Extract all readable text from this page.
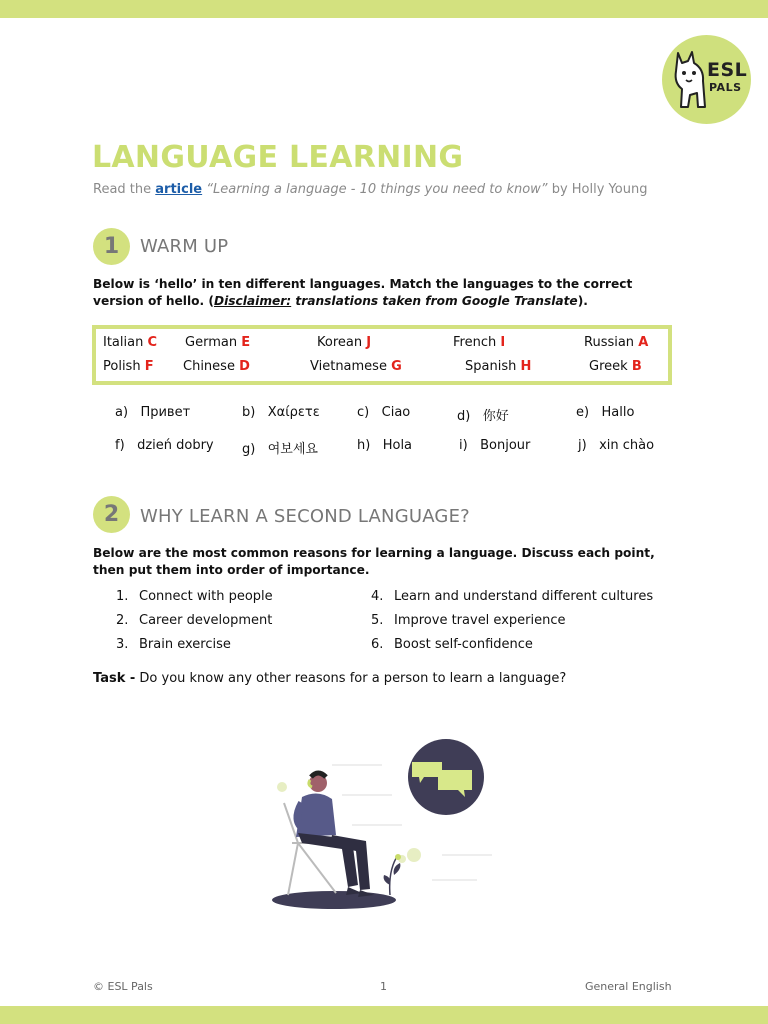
ESL
PALS
LANGUAGE LEARNING
Read the article “Learning a language - 10 things you need to know” by Holly Young
1	WARM UP
Below is ‘hello’ in ten different languages. Match the languages to the correct version of hello. (Disclaimer: translations taken from Google Translate).
Italian C German E	Korean J	French I	Russian A
Polish F Chinese D	Vietnamese G	Spanish H	Greek B
a) Привет	b) Χαίρετε	c) Ciao	d) 你好	e) Hallo
f) dzień dobry g) 여보세요	h) Hola	i) Bonjour	j) xin chào
2	WHY LEARN A SECOND LANGUAGE?
Below are the most common reasons for learning a language. Discuss each point, then put them into order of importance.
1. Connect with people
2. Career development
3. Brain exercise
4. Learn and understand different cultures
5. Improve travel experience
6. Boost self-confidence
Task - Do you know any other reasons for a person to learn a language?
© ESL Pals	1	General English
